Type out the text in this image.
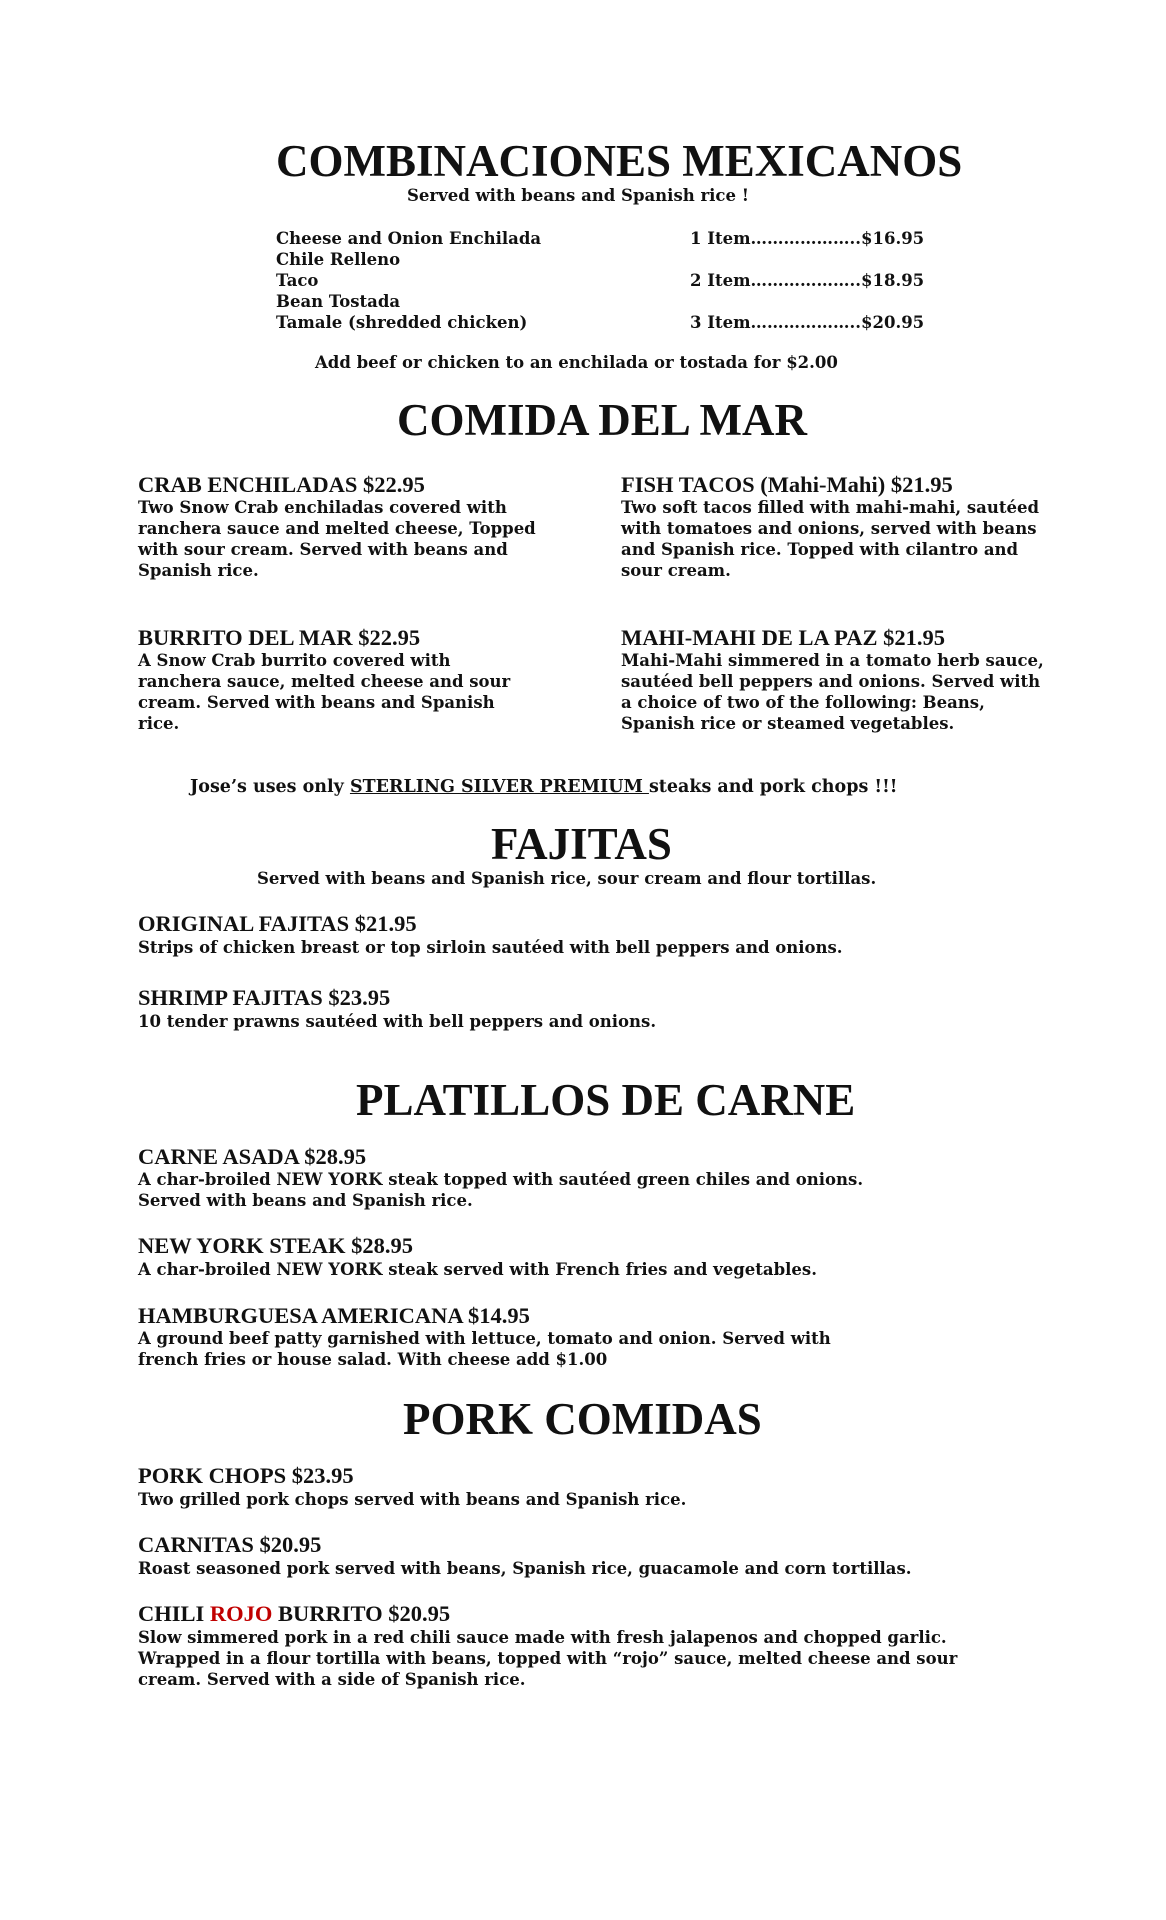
COMBINACIONES MEXICANOS
Served with beans and Spanish rice !
Cheese and Onion Enchilada
Chile Relleno
Taco
Bean Tostada
Tamale (shredded chicken)
1 Item………………..$16.95
2 Item………………..$18.95
3 Item………………..$20.95
Add beef or chicken to an enchilada or tostada for $2.00
COMIDA DEL MAR
CRAB ENCHILADAS $22.95
Two Snow Crab enchiladas covered with ranchera sauce and melted cheese, Topped with sour cream. Served with beans and Spanish rice.
FISH TACOS (Mahi-Mahi) $21.95
Two soft tacos filled with mahi-mahi, sautéed with tomatoes and onions, served with beans and Spanish rice. Topped with cilantro and sour cream.
BURRITO DEL MAR $22.95
A Snow Crab burrito covered with ranchera sauce, melted cheese and sour cream. Served with beans and Spanish rice.
MAHI-MAHI DE LA PAZ $21.95
Mahi-Mahi simmered in a tomato herb sauce, sautéed bell peppers and onions. Served with a choice of two of the following: Beans, Spanish rice or steamed vegetables.
Jose’s uses only STERLING SILVER PREMIUM steaks and pork chops !!!
FAJITAS
Served with beans and Spanish rice, sour cream and flour tortillas.
ORIGINAL FAJITAS $21.95
Strips of chicken breast or top sirloin sautéed with bell peppers and onions.
SHRIMP FAJITAS $23.95
10 tender prawns sautéed with bell peppers and onions.
PLATILLOS DE CARNE
CARNE ASADA $28.95
A char-broiled NEW YORK steak topped with sautéed green chiles and onions.
Served with beans and Spanish rice.
NEW YORK STEAK $28.95
A char-broiled NEW YORK steak served with French fries and vegetables.
HAMBURGUESA AMERICANA $14.95
A ground beef patty garnished with lettuce, tomato and onion. Served with
french fries or house salad. With cheese add $1.00
PORK COMIDAS
PORK CHOPS $23.95
Two grilled pork chops served with beans and Spanish rice.
CARNITAS $20.95
Roast seasoned pork served with beans, Spanish rice, guacamole and corn tortillas.
CHILI ROJO BURRITO $20.95
Slow simmered pork in a red chili sauce made with fresh jalapenos and chopped garlic.
Wrapped in a flour tortilla with beans, topped with “rojo” sauce, melted cheese and sour
cream. Served with a side of Spanish rice.
